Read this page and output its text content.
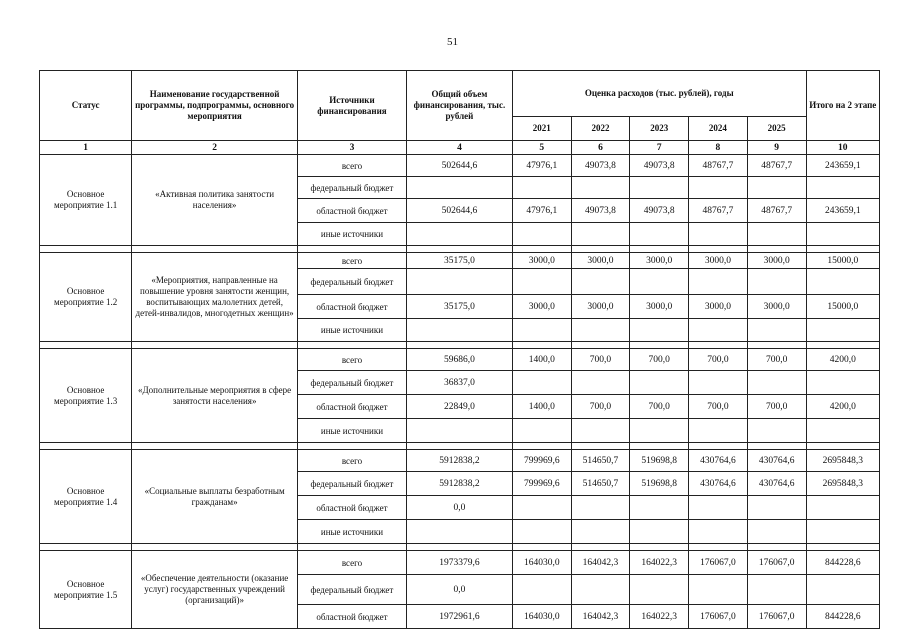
51
Статус	Наименование государственной программы, подпрограммы, основного мероприятия	Источники финансирования	Общий объем финансирования, тыс. рублей	Оценка расходов (тыс. рублей), годы					Итого на 2 этапе
				2021	2022	2023	2024	2025	
1	2	3	4	5	6	7	8	9	10
Основное мероприятие 1.1	«Активная политика занятости населения»	всего	502644,6	47976,1	49073,8	49073,8	48767,7	48767,7	243659,1
		федеральный бюджет							
		областной бюджет	502644,6	47976,1	49073,8	49073,8	48767,7	48767,7	243659,1
		иные источники							

Основное мероприятие 1.2	«Мероприятия, направленные на повышение уровня занятости женщин, воспитывающих малолетних детей, детей-инвалидов, многодетных женщин»	всего	35175,0	3000,0	3000,0	3000,0	3000,0	3000,0	15000,0
		федеральный бюджет							
		областной бюджет	35175,0	3000,0	3000,0	3000,0	3000,0	3000,0	15000,0
		иные источники							

Основное мероприятие 1.3	«Дополнительные мероприятия в сфере занятости населения»	всего	59686,0	1400,0	700,0	700,0	700,0	700,0	4200,0
		федеральный бюджет	36837,0						
		областной бюджет	22849,0	1400,0	700,0	700,0	700,0	700,0	4200,0
		иные источники							

Основное мероприятие 1.4	«Социальные выплаты безработным гражданам»	всего	5912838,2	799969,6	514650,7	519698,8	430764,6	430764,6	2695848,3
		федеральный бюджет	5912838,2	799969,6	514650,7	519698,8	430764,6	430764,6	2695848,3
		областной бюджет	0,0						
		иные источники							

Основное мероприятие 1.5	«Обеспечение деятельности (оказание услуг) государственных учреждений (организаций)»	всего	1973379,6	164030,0	164042,3	164022,3	176067,0	176067,0	844228,6
		федеральный бюджет	0,0						
		областной бюджет	1972961,6	164030,0	164042,3	164022,3	176067,0	176067,0	844228,6
